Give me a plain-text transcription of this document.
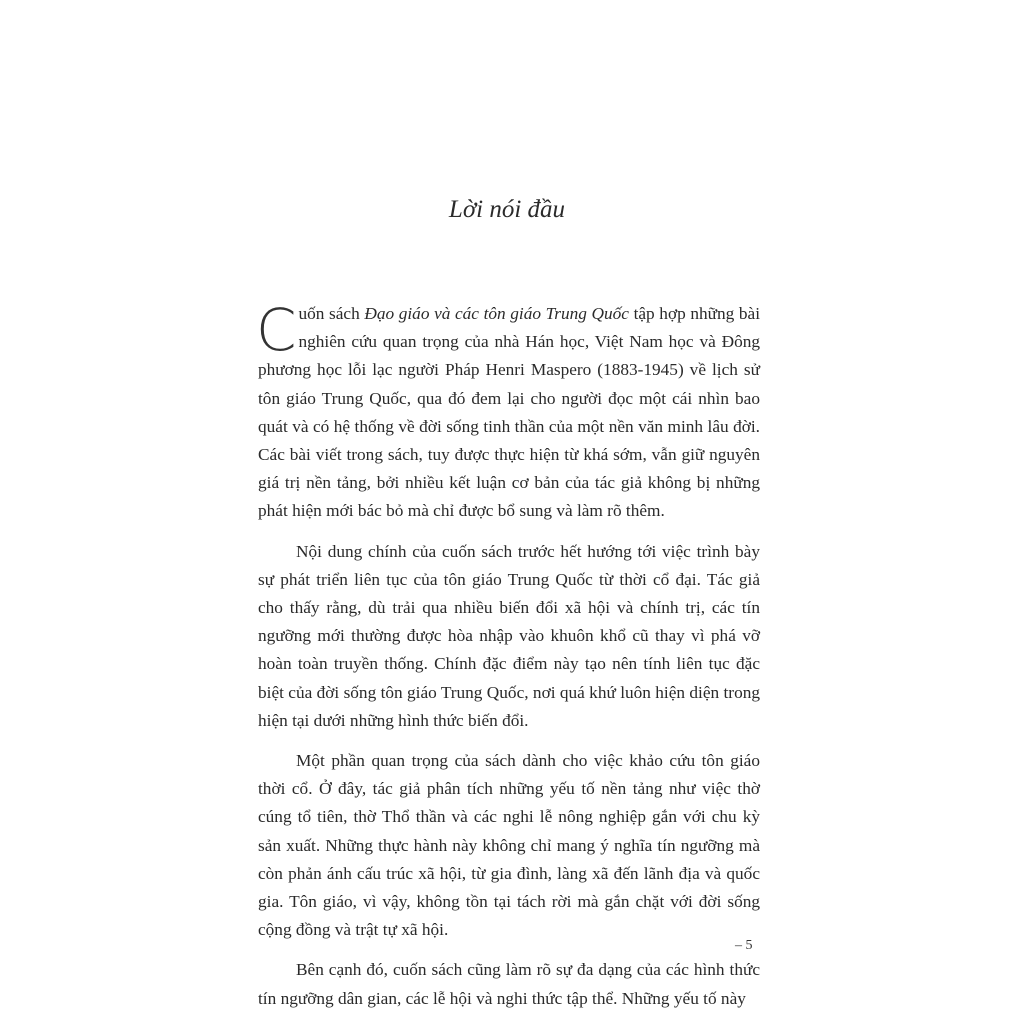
Lời nói đầu

Cuốn sách Đạo giáo và các tôn giáo Trung Quốc tập hợp những bài nghiên cứu quan trọng của nhà Hán học, Việt Nam học và Đông phương học lỗi lạc người Pháp Henri Maspero (1883-1945) về lịch sử tôn giáo Trung Quốc, qua đó đem lại cho người đọc một cái nhìn bao quát và có hệ thống về đời sống tinh thần của một nền văn minh lâu đời. Các bài viết trong sách, tuy được thực hiện từ khá sớm, vẫn giữ nguyên giá trị nền tảng, bởi nhiều kết luận cơ bản của tác giả không bị những phát hiện mới bác bỏ mà chỉ được bổ sung và làm rõ thêm.

Nội dung chính của cuốn sách trước hết hướng tới việc trình bày sự phát triển liên tục của tôn giáo Trung Quốc từ thời cổ đại. Tác giả cho thấy rằng, dù trải qua nhiều biến đổi xã hội và chính trị, các tín ngưỡng mới thường được hòa nhập vào khuôn khổ cũ thay vì phá vỡ hoàn toàn truyền thống. Chính đặc điểm này tạo nên tính liên tục đặc biệt của đời sống tôn giáo Trung Quốc, nơi quá khứ luôn hiện diện trong hiện tại dưới những hình thức biến đổi.

Một phần quan trọng của sách dành cho việc khảo cứu tôn giáo thời cổ. Ở đây, tác giả phân tích những yếu tố nền tảng như việc thờ cúng tổ tiên, thờ Thổ thần và các nghi lễ nông nghiệp gắn với chu kỳ sản xuất. Những thực hành này không chỉ mang ý nghĩa tín ngưỡng mà còn phản ánh cấu trúc xã hội, từ gia đình, làng xã đến lãnh địa và quốc gia. Tôn giáo, vì vậy, không tồn tại tách rời mà gắn chặt với đời sống cộng đồng và trật tự xã hội.

Bên cạnh đó, cuốn sách cũng làm rõ sự đa dạng của các hình thức tín ngưỡng dân gian, các lễ hội và nghi thức tập thể. Những yếu tố này

– 5
